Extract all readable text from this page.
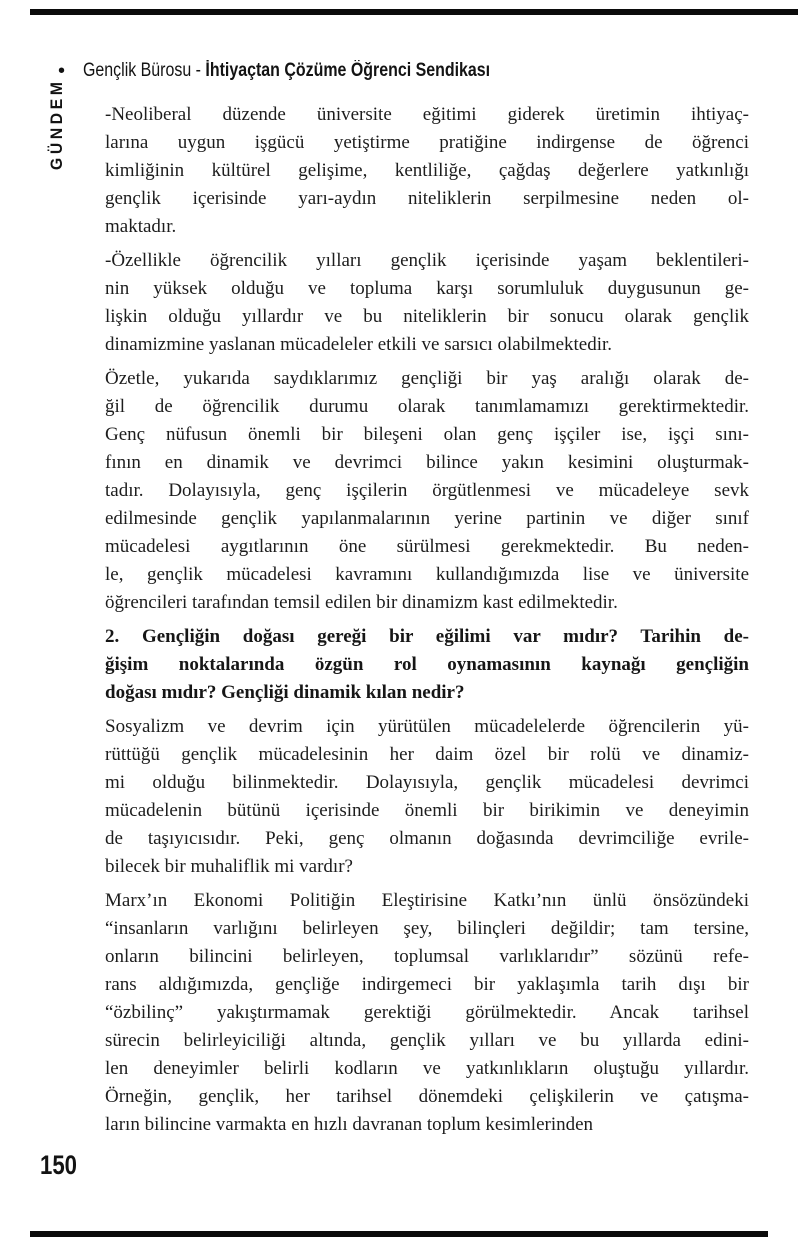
• Gençlik Bürosu - İhtiyaçtan Çözüme Öğrenci Sendikası
GÜNDEM -Neoliberal düzende üniversite eğitimi giderek üretimin ihtiyaç-
larına uygun işgücü yetiştirme pratiğine indirgense de öğrenci
kimliğinin kültürel gelişime, kentliliğe, çağdaş değerlere yatkınlığı
gençlik içerisinde yarı-aydın niteliklerin serpilmesine neden ol-
maktadır.
-Özellikle öğrencilik yılları gençlik içerisinde yaşam beklentileri-
nin yüksek olduğu ve topluma karşı sorumluluk duygusunun ge-
lişkin olduğu yıllardır ve bu niteliklerin bir sonucu olarak gençlik
dinamizmine yaslanan mücadeleler etkili ve sarsıcı olabilmektedir.
Özetle, yukarıda saydıklarımız gençliği bir yaş aralığı olarak de-
ğil de öğrencilik durumu olarak tanımlamamızı gerektirmektedir.
Genç nüfusun önemli bir bileşeni olan genç işçiler ise, işçi sını-
fının en dinamik ve devrimci bilince yakın kesimini oluşturmak-
tadır. Dolayısıyla, genç işçilerin örgütlenmesi ve mücadeleye sevk
edilmesinde gençlik yapılanmalarının yerine partinin ve diğer sınıf
mücadelesi aygıtlarının öne sürülmesi gerekmektedir. Bu neden-
le, gençlik mücadelesi kavramını kullandığımızda lise ve üniversite
öğrencileri tarafından temsil edilen bir dinamizm kast edilmektedir.
2. Gençliğin doğası gereği bir eğilimi var mıdır? Tarihin de-
ğişim noktalarında özgün rol oynamasının kaynağı gençliğin
doğası mıdır? Gençliği dinamik kılan nedir?
Sosyalizm ve devrim için yürütülen mücadelelerde öğrencilerin yü-
rüttüğü gençlik mücadelesinin her daim özel bir rolü ve dinamiz-
mi olduğu bilinmektedir. Dolayısıyla, gençlik mücadelesi devrimci
mücadelenin bütünü içerisinde önemli bir birikimin ve deneyimin
de taşıyıcısıdır. Peki, genç olmanın doğasında devrimciliğe evrile-
bilecek bir muhaliflik mi vardır?
Marx’ın Ekonomi Politiğin Eleştirisine Katkı’nın ünlü önsözündeki
“insanların varlığını belirleyen şey, bilinçleri değildir; tam tersine,
onların bilincini belirleyen, toplumsal varlıklarıdır” sözünü refe-
rans aldığımızda, gençliğe indirgemeci bir yaklaşımla tarih dışı bir
“özbilinç” yakıştırmamak gerektiği görülmektedir. Ancak tarihsel
sürecin belirleyiciliği altında, gençlik yılları ve bu yıllarda edini-
len deneyimler belirli kodların ve yatkınlıkların oluştuğu yıllardır.
Örneğin, gençlik, her tarihsel dönemdeki çelişkilerin ve çatışma-
ların bilincine varmakta en hızlı davranan toplum kesimlerinden
150
